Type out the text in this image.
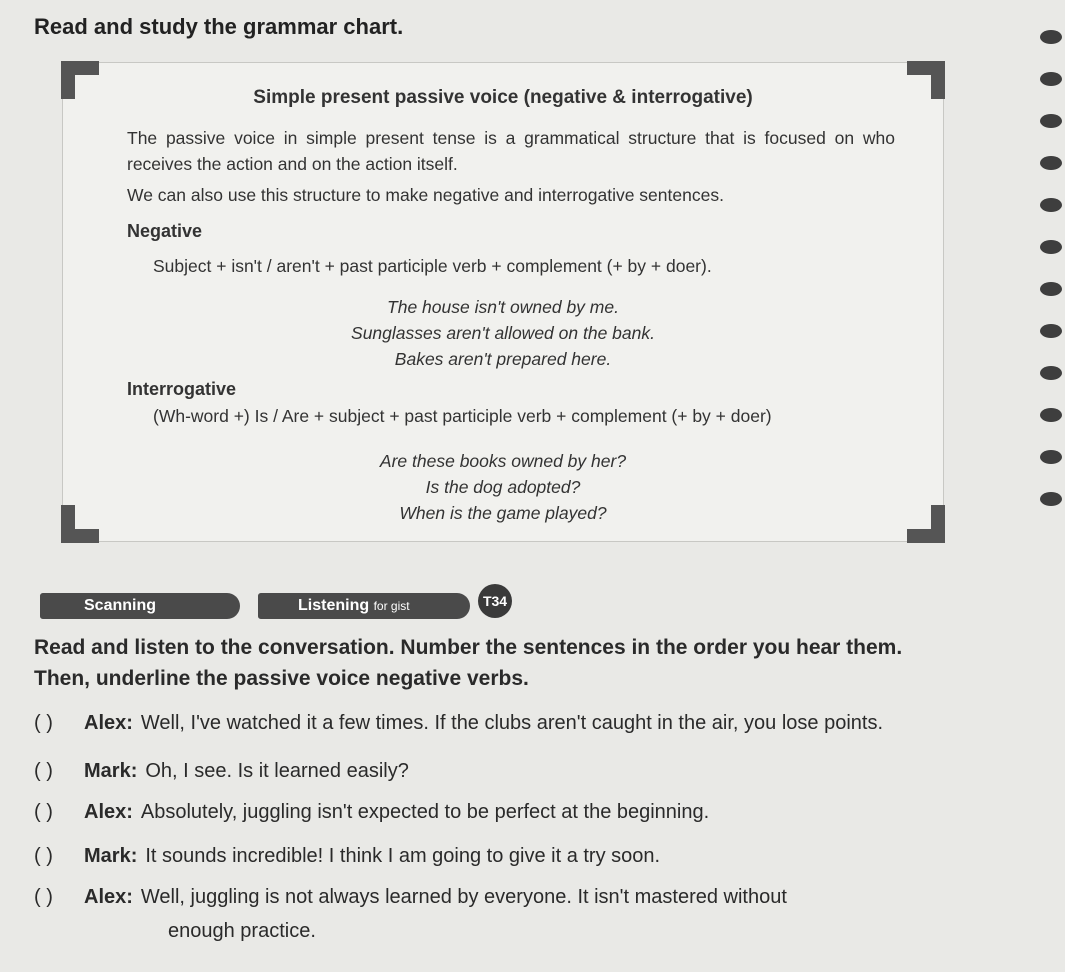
Read and study the grammar chart.
Simple present passive voice (negative & interrogative)
The passive voice in simple present tense is a grammatical structure that is focused on who receives the action and on the action itself.
We can also use this structure to make negative and interrogative sentences.
Negative
Subject + isn't / aren't + past participle verb + complement (+ by + doer).
The house isn't owned by me.
Sunglasses aren't allowed on the bank.
Bakes aren't prepared here.
Interrogative
(Wh-word +) Is / Are + subject + past participle verb + complement (+ by + doer)
Are these books owned by her?
Is the dog adopted?
When is the game played?
Scanning	Listening for gist	T34
Read and listen to the conversation. Number the sentences in the order you hear them.
Then, underline the passive voice negative verbs.
( ) Alex: Well, I've watched it a few times. If the clubs aren't caught in the air, you lose points.
( ) Mark: Oh, I see. Is it learned easily?
( ) Alex: Absolutely, juggling isn't expected to be perfect at the beginning.
( ) Mark: It sounds incredible! I think I am going to give it a try soon.
( ) Alex: Well, juggling is not always learned by everyone. It isn't mastered without
enough practice.
